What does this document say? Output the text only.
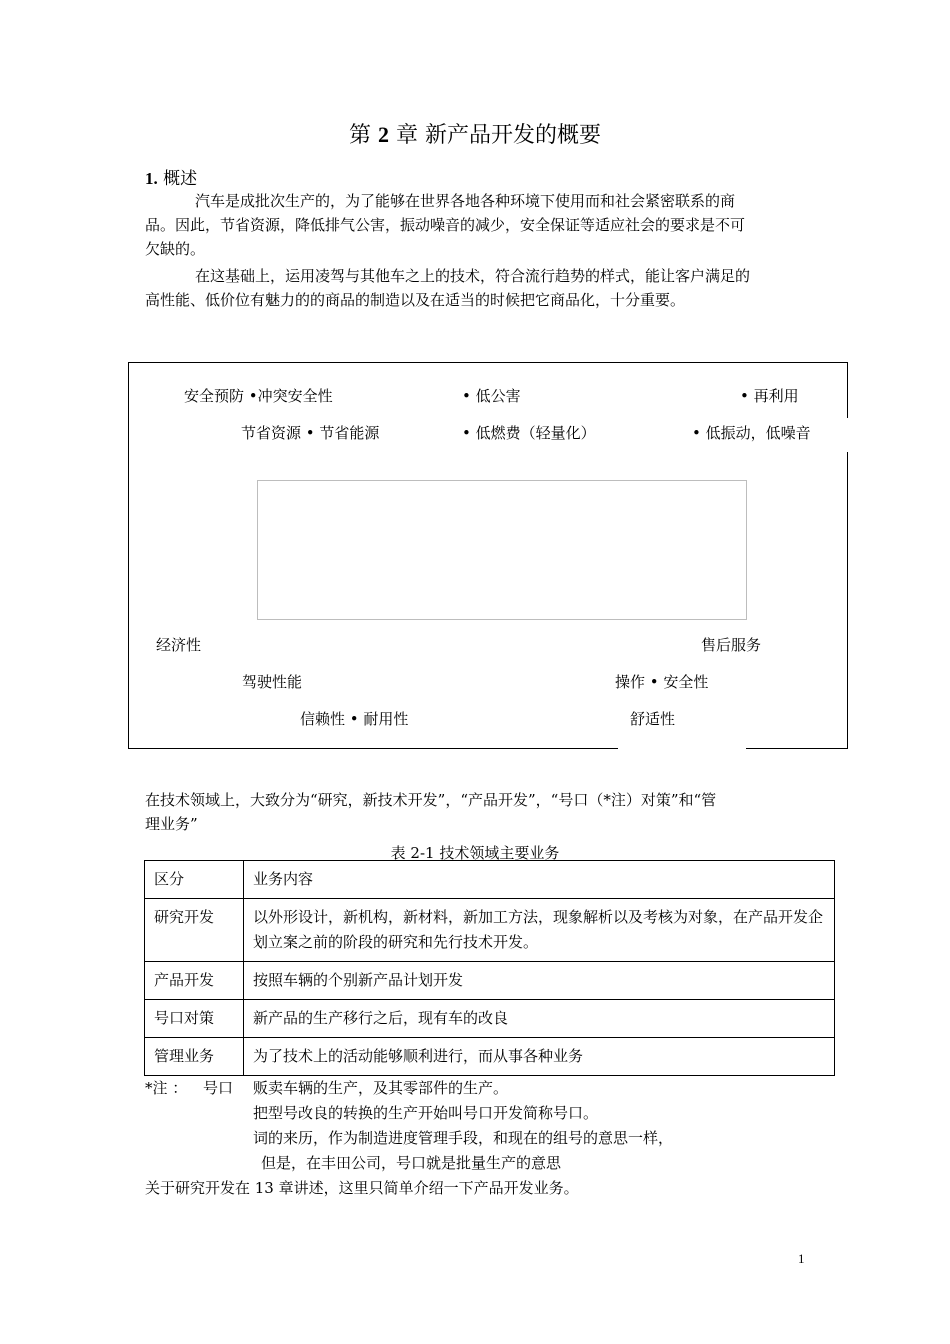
第 2 章 新产品开发的概要
1. 概述
汽车是成批次生产的，为了能够在世界各地各种环境下使用而和社会紧密联系的商
品。因此，节省资源，降低排气公害，振动噪音的减少，安全保证等适应社会的要求是不可
欠缺的。
在这基础上，运用凌驾与其他车之上的技术，符合流行趋势的样式，能让客户满足的
高性能、低价位有魅力的的商品的制造以及在适当的时候把它商品化，十分重要。
安全预防 •冲突安全性	• 低公害	• 再利用
节省资源 • 节省能源	• 低燃费（轻量化）	• 低振动，低噪音
经济性	售后服务
驾驶性能	操作 • 安全性
信赖性 • 耐用性	舒适性
在技术领域上，大致分为“研究，新技术开发”，“产品开发”，“号口（*注）对策”和“管
理业务”
表 2-1 技术领域主要业务
区分	业务内容
研究开发	以外形设计，新机构，新材料，新加工方法，现象解析以及考核为对象，在产品开发企划立案之前的阶段的研究和先行技术开发。
产品开发	按照车辆的个别新产品计划开发
号口对策	新产品的生产移行之后，现有车的改良
管理业务	为了技术上的活动能够顺利进行，而从事各种业务
*注 ： 号口 贩卖车辆的生产，及其零部件的生产。
把型号改良的转换的生产开始叫号口开发简称号口。
词的来历，作为制造进度管理手段，和现在的组号的意思一样，
但是，在丰田公司，号口就是批量生产的意思
关于研究开发在 13 章讲述，这里只简单介绍一下产品开发业务。
1
